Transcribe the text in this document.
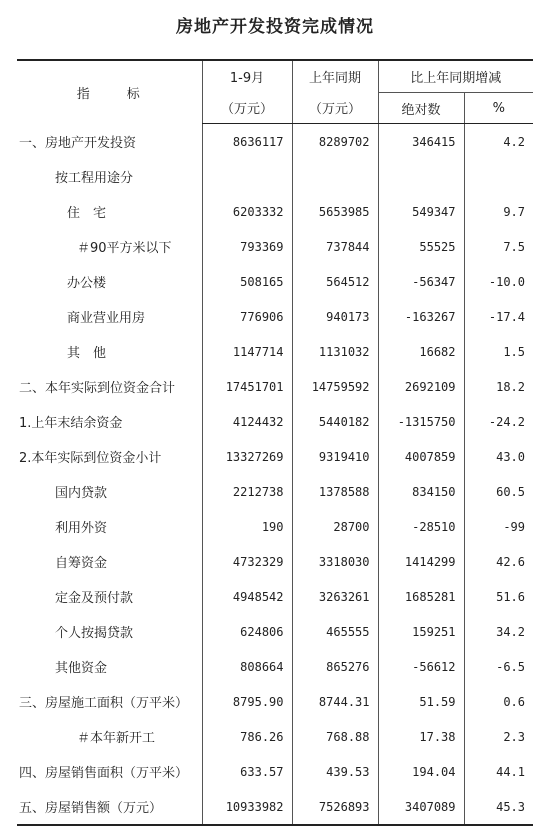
房地产开发投资完成情况
指　标	1-9月	上年同期	比上年同期增减	
	（万元）	（万元）	绝对数	%
一、房地产开发投资	8636117	8289702	346415	4.2
按工程用途分				
住　宅	6203332	5653985	549347	9.7
＃90平方米以下	793369	737844	55525	7.5
办公楼	508165	564512	-56347	-10.0
商业营业用房	776906	940173	-163267	-17.4
其　他	1147714	1131032	16682	1.5
二、本年实际到位资金合计	17451701	14759592	2692109	18.2
1.上年末结余资金	4124432	5440182	-1315750	-24.2
2.本年实际到位资金小计	13327269	9319410	4007859	43.0
国内贷款	2212738	1378588	834150	60.5
利用外资	190	28700	-28510	-99
自筹资金	4732329	3318030	1414299	42.6
定金及预付款	4948542	3263261	1685281	51.6
个人按揭贷款	624806	465555	159251	34.2
其他资金	808664	865276	-56612	-6.5
三、房屋施工面积（万平米）	8795.90	8744.31	51.59	0.6
＃本年新开工	786.26	768.88	17.38	2.3
四、房屋销售面积（万平米）	633.57	439.53	194.04	44.1
五、房屋销售额（万元）	10933982	7526893	3407089	45.3
